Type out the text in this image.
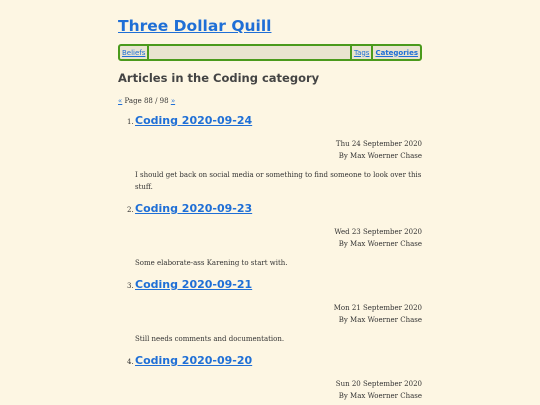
Three Dollar Quill
Beliefs	Tags Categories
Articles in the Coding category
« Page 88 / 98 »
1. Coding 2020-09-24
Thu 24 September 2020
By Max Woerner Chase
I should get back on social media or something to find someone to look over this stuff.
2. Coding 2020-09-23
Wed 23 September 2020
By Max Woerner Chase
Some elaborate-ass Karening to start with.
3. Coding 2020-09-21
Mon 21 September 2020
By Max Woerner Chase
Still needs comments and documentation.
4. Coding 2020-09-20
Sun 20 September 2020
By Max Woerner Chase
